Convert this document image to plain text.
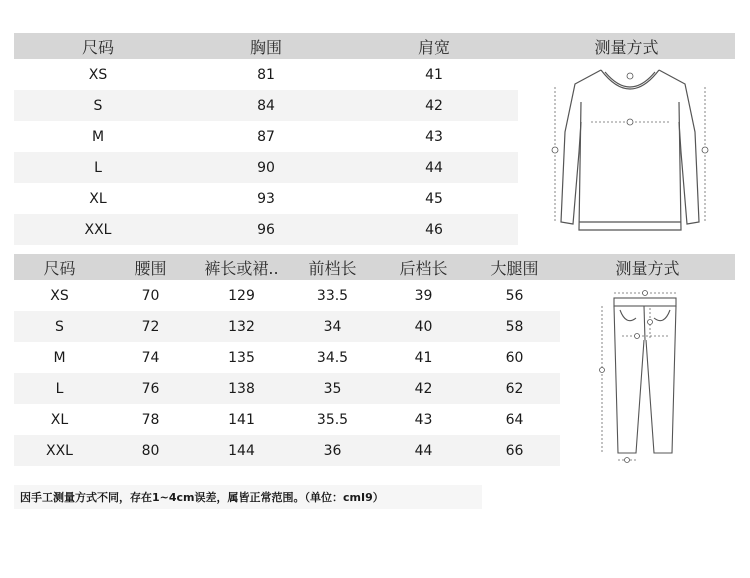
尺码	胸围	肩宽	测量方式
XS	81	41
S	84	42
M	87	43
L	90	44
XL	93	45
XXL	96	46
尺码	腰围	裤长或裙..	前档长	后档长	大腿围	测量方式
XS	70	129	33.5	39	56
S	72	132	34	40	58
M	74	135	34.5	41	60
L	76	138	35	42	62
XL	78	141	35.5	43	64
XXL	80	144	36	44	66
因手工测量方式不同，存在1~4cm误差，属皆正常范围。（单位：cmⅠ9）
